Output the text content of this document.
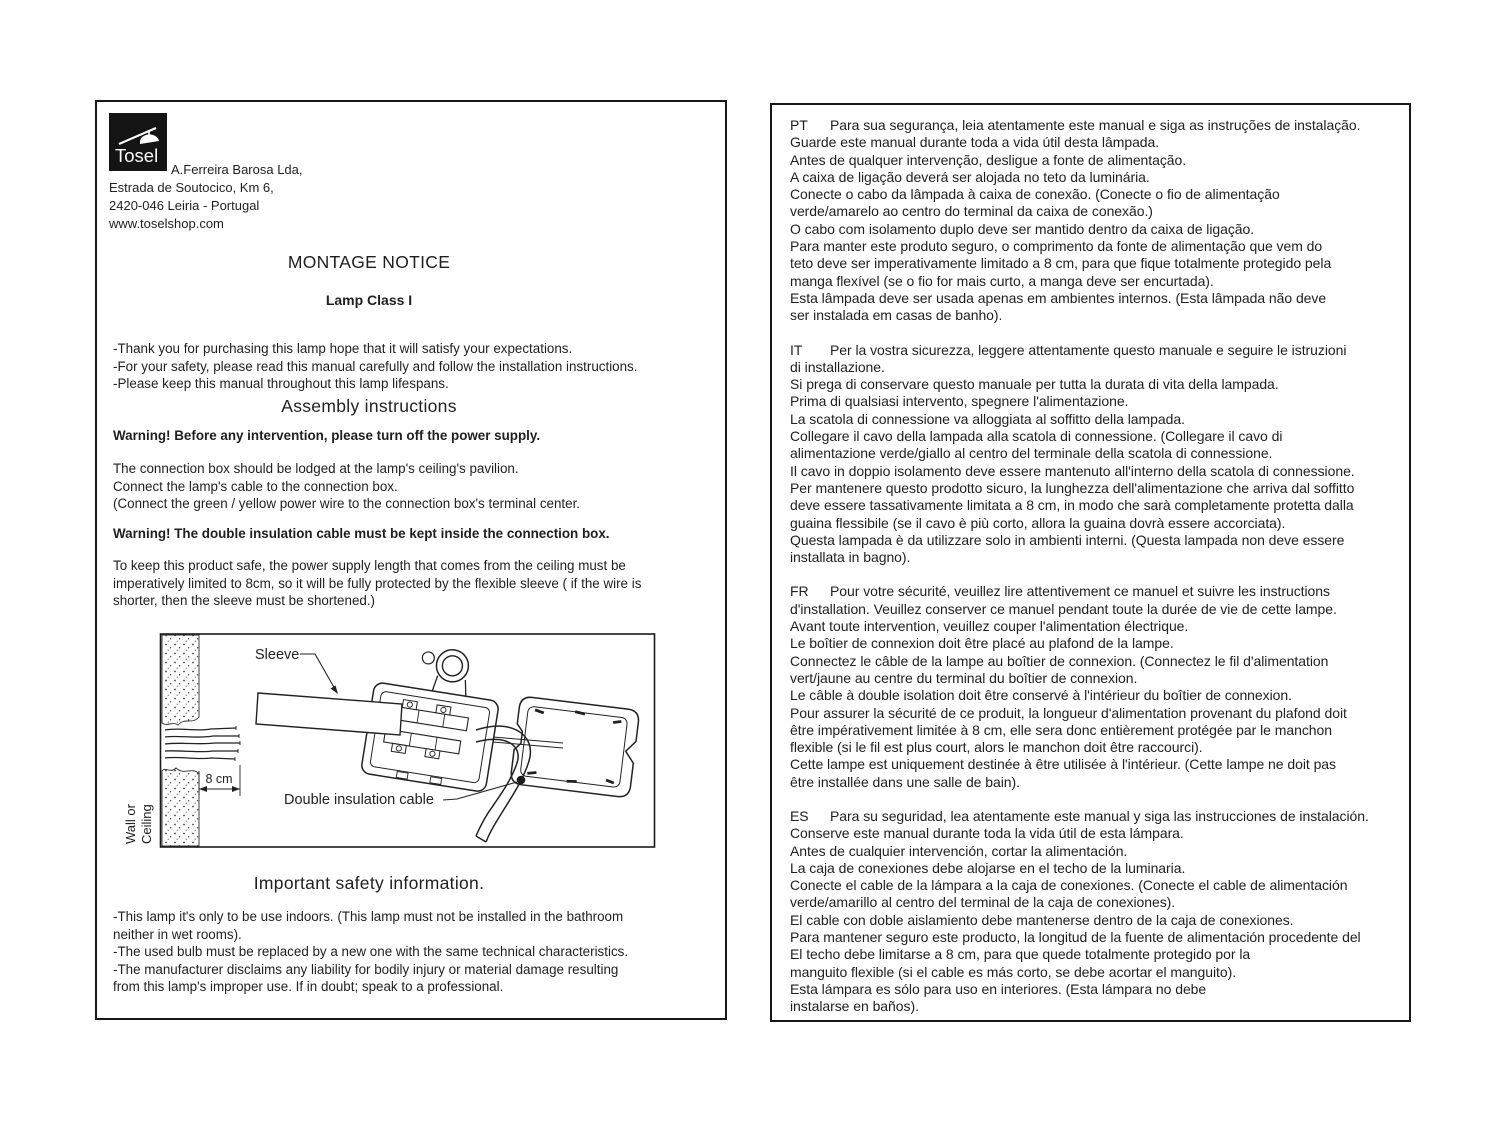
Tosel
A.Ferreira Barosa Lda,
Estrada de Soutocico, Km 6,
2420-046 Leiria - Portugal
www.toselshop.com
MONTAGE NOTICE
Lamp Class I
-Thank you for purchasing this lamp hope that it will satisfy your expectations.
-For your safety, please read this manual carefully and follow the installation instructions.
-Please keep this manual throughout this lamp lifespans.
Assembly instructions
Warning! Before any intervention, please turn off the power supply.
The connection box should be lodged at the lamp's ceiling's pavilion.
Connect the lamp's cable to the connection box.
(Connect the green / yellow power wire to the connection box's terminal center.
Warning! The double insulation cable must be kept inside the connection box.
To keep this product safe, the power supply length that comes from the ceiling must be
imperatively limited to 8cm, so it will be fully protected by the flexible sleeve ( if the wire is
shorter, then the sleeve must be shortened.)
Wall or Ceiling
8 cm
Sleeve
Double insulation cable
Important safety information.
-This lamp it's only to be use indoors. (This lamp must not be installed in the bathroom
neither in wet rooms).
-The used bulb must be replaced by a new one with the same technical characteristics.
-The manufacturer disclaims any liability for bodily injury or material damage resulting
from this lamp's improper use. If in doubt; speak to a professional.
PT Para sua segurança, leia atentamente este manual e siga as instruções de instalação.
Guarde este manual durante toda a vida útil desta lâmpada.
Antes de qualquer intervenção, desligue a fonte de alimentação.
A caixa de ligação deverá ser alojada no teto da luminária.
Conecte o cabo da lâmpada à caixa de conexão. (Conecte o fio de alimentação
verde/amarelo ao centro do terminal da caixa de conexão.)
O cabo com isolamento duplo deve ser mantido dentro da caixa de ligação.
Para manter este produto seguro, o comprimento da fonte de alimentação que vem do
teto deve ser imperativamente limitado a 8 cm, para que fique totalmente protegido pela
manga flexível (se o fio for mais curto, a manga deve ser encurtada).
Esta lâmpada deve ser usada apenas em ambientes internos. (Esta lâmpada não deve
ser instalada em casas de banho).
IT Per la vostra sicurezza, leggere attentamente questo manuale e seguire le istruzioni
di installazione.
Si prega di conservare questo manuale per tutta la durata di vita della lampada.
Prima di qualsiasi intervento, spegnere l'alimentazione.
La scatola di connessione va alloggiata al soffitto della lampada.
Collegare il cavo della lampada alla scatola di connessione. (Collegare il cavo di
alimentazione verde/giallo al centro del terminale della scatola di connessione.
Il cavo in doppio isolamento deve essere mantenuto all'interno della scatola di connessione.
Per mantenere questo prodotto sicuro, la lunghezza dell'alimentazione che arriva dal soffitto
deve essere tassativamente limitata a 8 cm, in modo che sarà completamente protetta dalla
guaina flessibile (se il cavo è più corto, allora la guaina dovrà essere accorciata).
Questa lampada è da utilizzare solo in ambienti interni. (Questa lampada non deve essere
installata in bagno).
FR Pour votre sécurité, veuillez lire attentivement ce manuel et suivre les instructions
d'installation. Veuillez conserver ce manuel pendant toute la durée de vie de cette lampe.
Avant toute intervention, veuillez couper l'alimentation électrique.
Le boîtier de connexion doit être placé au plafond de la lampe.
Connectez le câble de la lampe au boîtier de connexion. (Connectez le fil d'alimentation
vert/jaune au centre du terminal du boîtier de connexion.
Le câble à double isolation doit être conservé à l'intérieur du boîtier de connexion.
Pour assurer la sécurité de ce produit, la longueur d'alimentation provenant du plafond doit
être impérativement limitée à 8 cm, elle sera donc entièrement protégée par le manchon
flexible (si le fil est plus court, alors le manchon doit être raccourci).
Cette lampe est uniquement destinée à être utilisée à l'intérieur. (Cette lampe ne doit pas
être installée dans une salle de bain).
ES Para su seguridad, lea atentamente este manual y siga las instrucciones de instalación.
Conserve este manual durante toda la vida útil de esta lámpara.
Antes de cualquier intervención, cortar la alimentación.
La caja de conexiones debe alojarse en el techo de la luminaria.
Conecte el cable de la lámpara a la caja de conexiones. (Conecte el cable de alimentación
verde/amarillo al centro del terminal de la caja de conexiones).
El cable con doble aislamiento debe mantenerse dentro de la caja de conexiones.
Para mantener seguro este producto, la longitud de la fuente de alimentación procedente del
El techo debe limitarse a 8 cm, para que quede totalmente protegido por la
manguito flexible (si el cable es más corto, se debe acortar el manguito).
Esta lámpara es sólo para uso en interiores. (Esta lámpara no debe
instalarse en baños).
